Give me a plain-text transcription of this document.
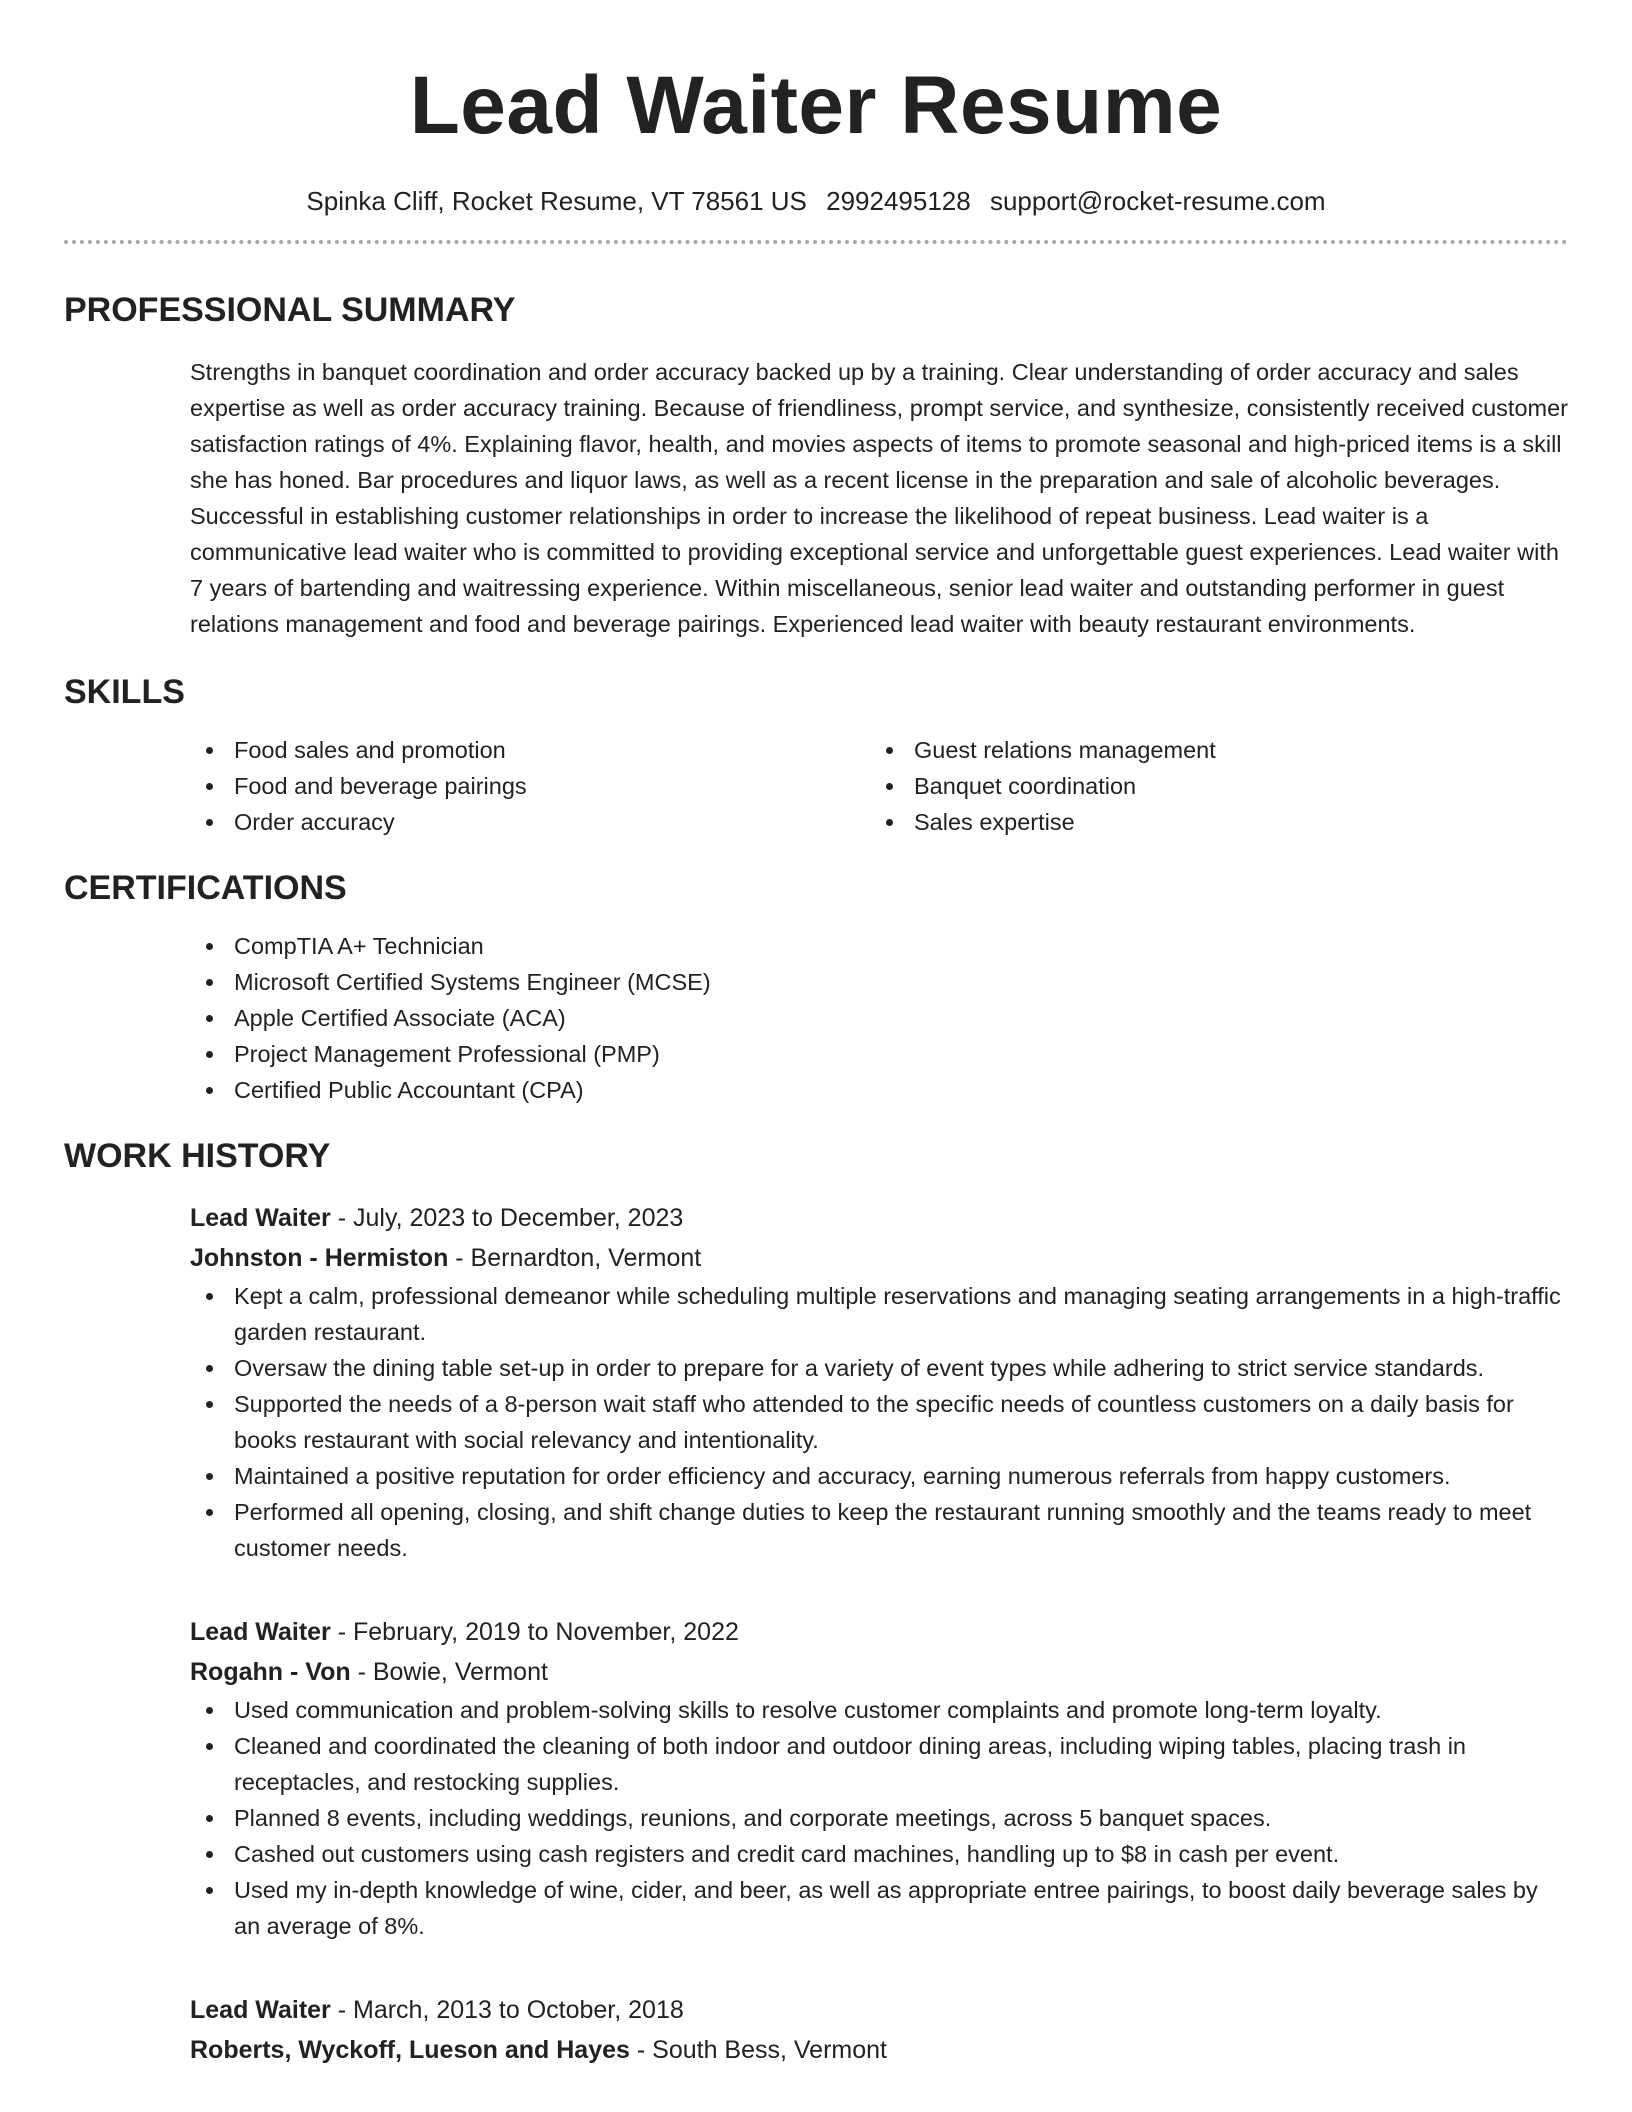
Lead Waiter Resume
Spinka Cliff, Rocket Resume, VT 78561 US 2992495128 support@rocket-resume.com
PROFESSIONAL SUMMARY
Strengths in banquet coordination and order accuracy backed up by a training. Clear understanding of order accuracy and sales expertise as well as order accuracy training. Because of friendliness, prompt service, and synthesize, consistently received customer satisfaction ratings of 4%. Explaining flavor, health, and movies aspects of items to promote seasonal and high-priced items is a skill she has honed. Bar procedures and liquor laws, as well as a recent license in the preparation and sale of alcoholic beverages. Successful in establishing customer relationships in order to increase the likelihood of repeat business. Lead waiter is a communicative lead waiter who is committed to providing exceptional service and unforgettable guest experiences. Lead waiter with 7 years of bartending and waitressing experience. Within miscellaneous, senior lead waiter and outstanding performer in guest relations management and food and beverage pairings. Experienced lead waiter with beauty restaurant environments.
SKILLS
Food sales and promotion
Food and beverage pairings
Order accuracy
Guest relations management
Banquet coordination
Sales expertise
CERTIFICATIONS
CompTIA A+ Technician
Microsoft Certified Systems Engineer (MCSE)
Apple Certified Associate (ACA)
Project Management Professional (PMP)
Certified Public Accountant (CPA)
WORK HISTORY
Lead Waiter - July, 2023 to December, 2023
Johnston - Hermiston - Bernardton, Vermont
Kept a calm, professional demeanor while scheduling multiple reservations and managing seating arrangements in a high-traffic garden restaurant.
Oversaw the dining table set-up in order to prepare for a variety of event types while adhering to strict service standards.
Supported the needs of a 8-person wait staff who attended to the specific needs of countless customers on a daily basis for books restaurant with social relevancy and intentionality.
Maintained a positive reputation for order efficiency and accuracy, earning numerous referrals from happy customers.
Performed all opening, closing, and shift change duties to keep the restaurant running smoothly and the teams ready to meet customer needs.
Lead Waiter - February, 2019 to November, 2022
Rogahn - Von - Bowie, Vermont
Used communication and problem-solving skills to resolve customer complaints and promote long-term loyalty.
Cleaned and coordinated the cleaning of both indoor and outdoor dining areas, including wiping tables, placing trash in receptacles, and restocking supplies.
Planned 8 events, including weddings, reunions, and corporate meetings, across 5 banquet spaces.
Cashed out customers using cash registers and credit card machines, handling up to $8 in cash per event.
Used my in-depth knowledge of wine, cider, and beer, as well as appropriate entree pairings, to boost daily beverage sales by an average of 8%.
Lead Waiter - March, 2013 to October, 2018
Roberts, Wyckoff, Lueson and Hayes - South Bess, Vermont
